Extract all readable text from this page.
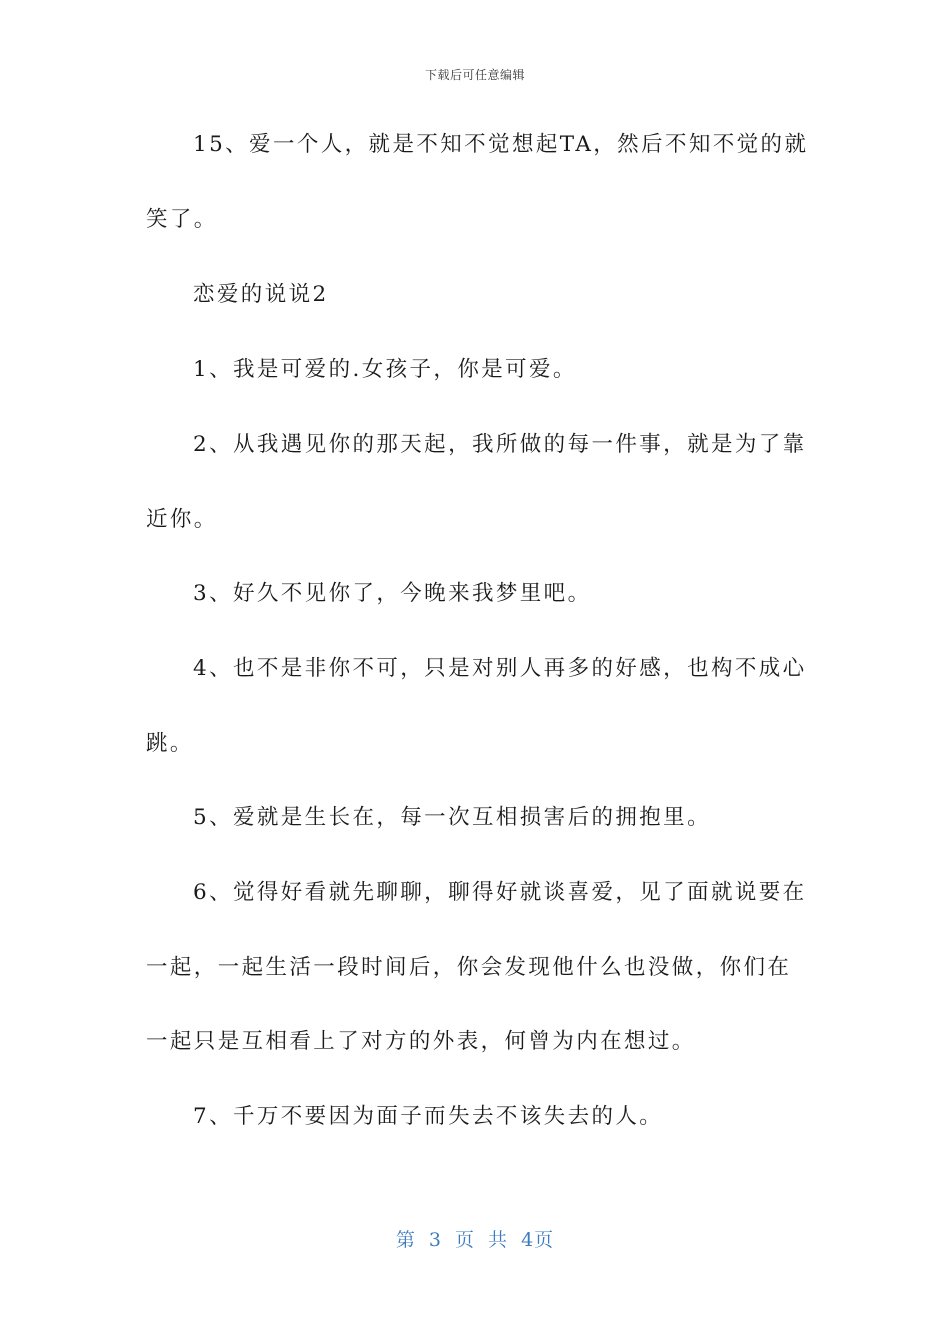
下载后可任意编辑
15、爱一个人，就是不知不觉想起TA，然后不知不觉的就
笑了。
恋爱的说说2
1、我是可爱的.女孩子，你是可爱。
2、从我遇见你的那天起，我所做的每一件事，就是为了靠
近你。
3、好久不见你了，今晚来我梦里吧。
4、也不是非你不可，只是对别人再多的好感，也构不成心
跳。
5、爱就是生长在，每一次互相损害后的拥抱里。
6、觉得好看就先聊聊，聊得好就谈喜爱，见了面就说要在
一起，一起生活一段时间后，你会发现他什么也没做，你们在
一起只是互相看上了对方的外表，何曾为内在想过。
7、千万不要因为面子而失去不该失去的人。
第 3 页 共 4页
